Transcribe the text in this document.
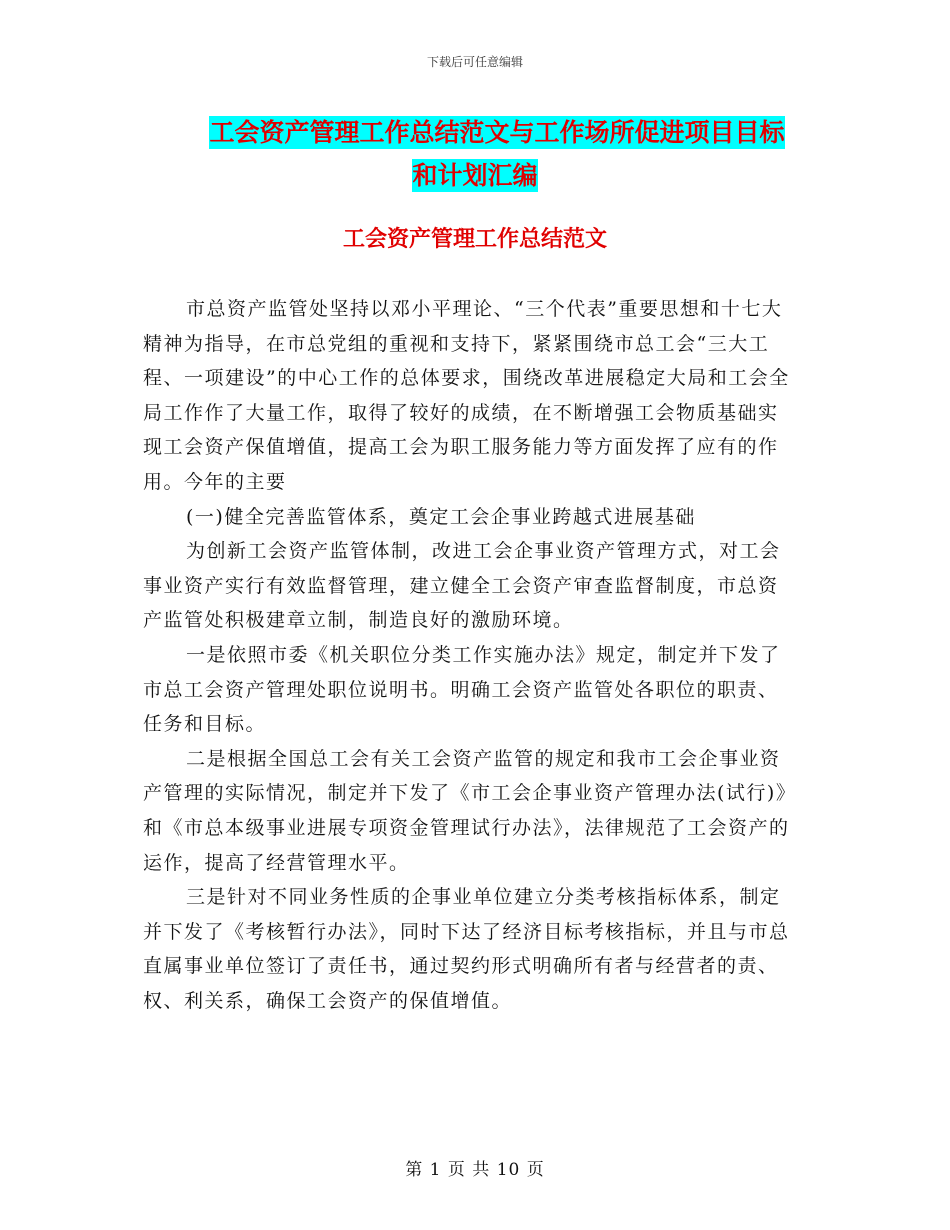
下载后可任意编辑
工会资产管理工作总结范文与工作场所促进项目目标
和计划汇编
工会资产管理工作总结范文

市总资产监管处坚持以邓小平理论、“三个代表”重要思想和十七大精神为指导，在市总党组的重视和支持下，紧紧围绕市总工会“三大工程、一项建设”的中心工作的总体要求，围绕改革进展稳定大局和工会全局工作作了大量工作，取得了较好的成绩，在不断增强工会物质基础实现工会资产保值增值，提高工会为职工服务能力等方面发挥了应有的作用。今年的主要

(一)健全完善监管体系，奠定工会企事业跨越式进展基础

为创新工会资产监管体制，改进工会企事业资产管理方式，对工会事业资产实行有效监督管理，建立健全工会资产审查监督制度，市总资产监管处积极建章立制，制造良好的激励环境。

一是依照市委《机关职位分类工作实施办法》规定，制定并下发了市总工会资产管理处职位说明书。明确工会资产监管处各职位的职责、任务和目标。

二是根据全国总工会有关工会资产监管的规定和我市工会企事业资产管理的实际情况，制定并下发了《市工会企事业资产管理办法(试行)》和《市总本级事业进展专项资金管理试行办法》，法律规范了工会资产的运作，提高了经营管理水平。

三是针对不同业务性质的企事业单位建立分类考核指标体系，制定并下发了《考核暂行办法》，同时下达了经济目标考核指标，并且与市总直属事业单位签订了责任书，通过契约形式明确所有者与经营者的责、权、利关系，确保工会资产的保值增值。

第 1 页 共 10 页
